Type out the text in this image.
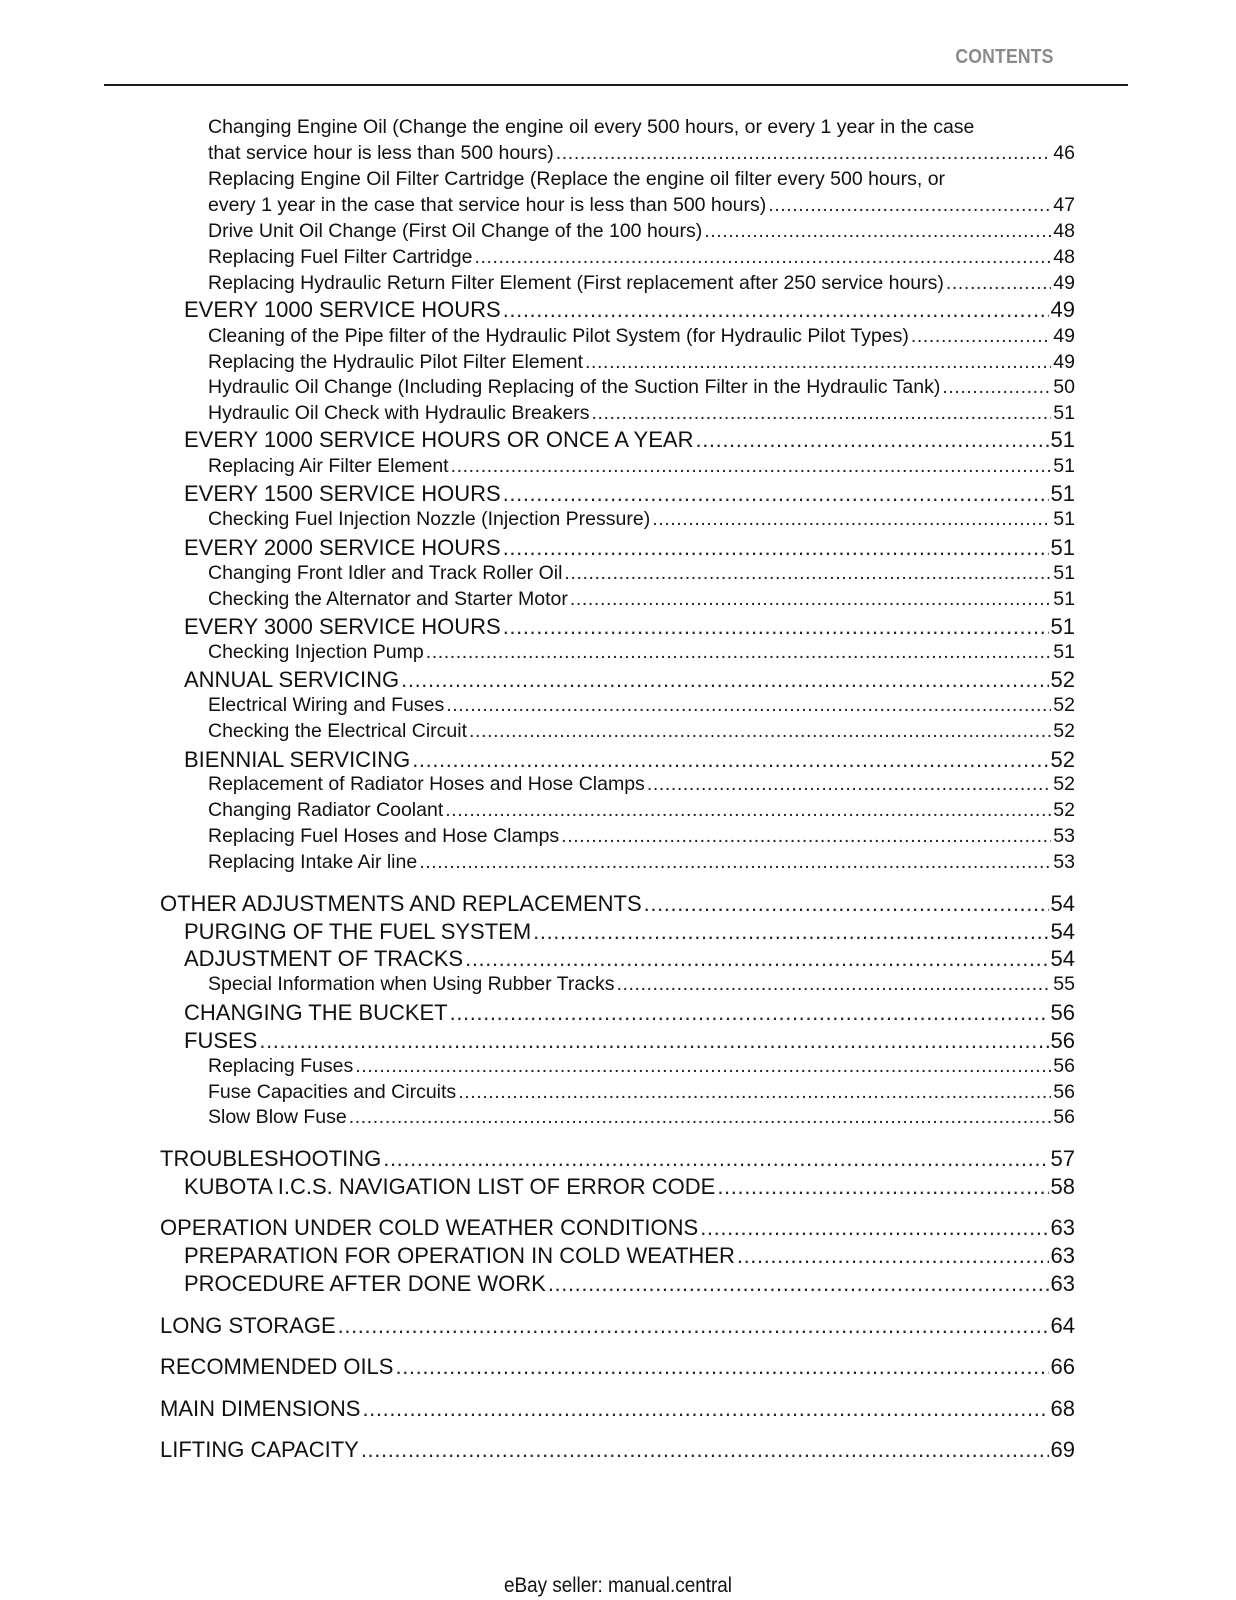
CONTENTS
Changing Engine Oil (Change the engine oil every 500 hours, or every 1 year in the case
that service hour is less than 500 hours) .....	46
Replacing Engine Oil Filter Cartridge (Replace the engine oil filter every 500 hours, or
every 1 year in the case that service hour is less than 500 hours) .....	47
Drive Unit Oil Change (First Oil Change of the 100 hours) .....	48
Replacing Fuel Filter Cartridge .....	48
Replacing Hydraulic Return Filter Element (First replacement after 250 service hours) .....	49
EVERY 1000 SERVICE HOURS .....	49
Cleaning of the Pipe filter of the Hydraulic Pilot System (for Hydraulic Pilot Types) .....	49
Replacing the Hydraulic Pilot Filter Element .....	49
Hydraulic Oil Change (Including Replacing of the Suction Filter in the Hydraulic Tank) .....	50
Hydraulic Oil Check with Hydraulic Breakers .....	51
EVERY 1000 SERVICE HOURS OR ONCE A YEAR .....	51
Replacing Air Filter Element .....	51
EVERY 1500 SERVICE HOURS .....	51
Checking Fuel Injection Nozzle (Injection Pressure) .....	51
EVERY 2000 SERVICE HOURS .....	51
Changing Front Idler and Track Roller Oil .....	51
Checking the Alternator and Starter Motor .....	51
EVERY 3000 SERVICE HOURS .....	51
Checking Injection Pump .....	51
ANNUAL SERVICING .....	52
Electrical Wiring and Fuses .....	52
Checking the Electrical Circuit .....	52
BIENNIAL SERVICING .....	52
Replacement of Radiator Hoses and Hose Clamps .....	52
Changing Radiator Coolant .....	52
Replacing Fuel Hoses and Hose Clamps .....	53
Replacing Intake Air line .....	53
OTHER ADJUSTMENTS AND REPLACEMENTS .....	54
PURGING OF THE FUEL SYSTEM .....	54
ADJUSTMENT OF TRACKS .....	54
Special Information when Using Rubber Tracks .....	55
CHANGING THE BUCKET .....	56
FUSES .....	56
Replacing Fuses .....	56
Fuse Capacities and Circuits .....	56
Slow Blow Fuse .....	56
TROUBLESHOOTING .....	57
KUBOTA I.C.S. NAVIGATION LIST OF ERROR CODE .....	58
OPERATION UNDER COLD WEATHER CONDITIONS .....	63
PREPARATION FOR OPERATION IN COLD WEATHER .....	63
PROCEDURE AFTER DONE WORK .....	63
LONG STORAGE .....	64
RECOMMENDED OILS .....	66
MAIN DIMENSIONS .....	68
LIFTING CAPACITY .....	69
eBay seller: manual.central
